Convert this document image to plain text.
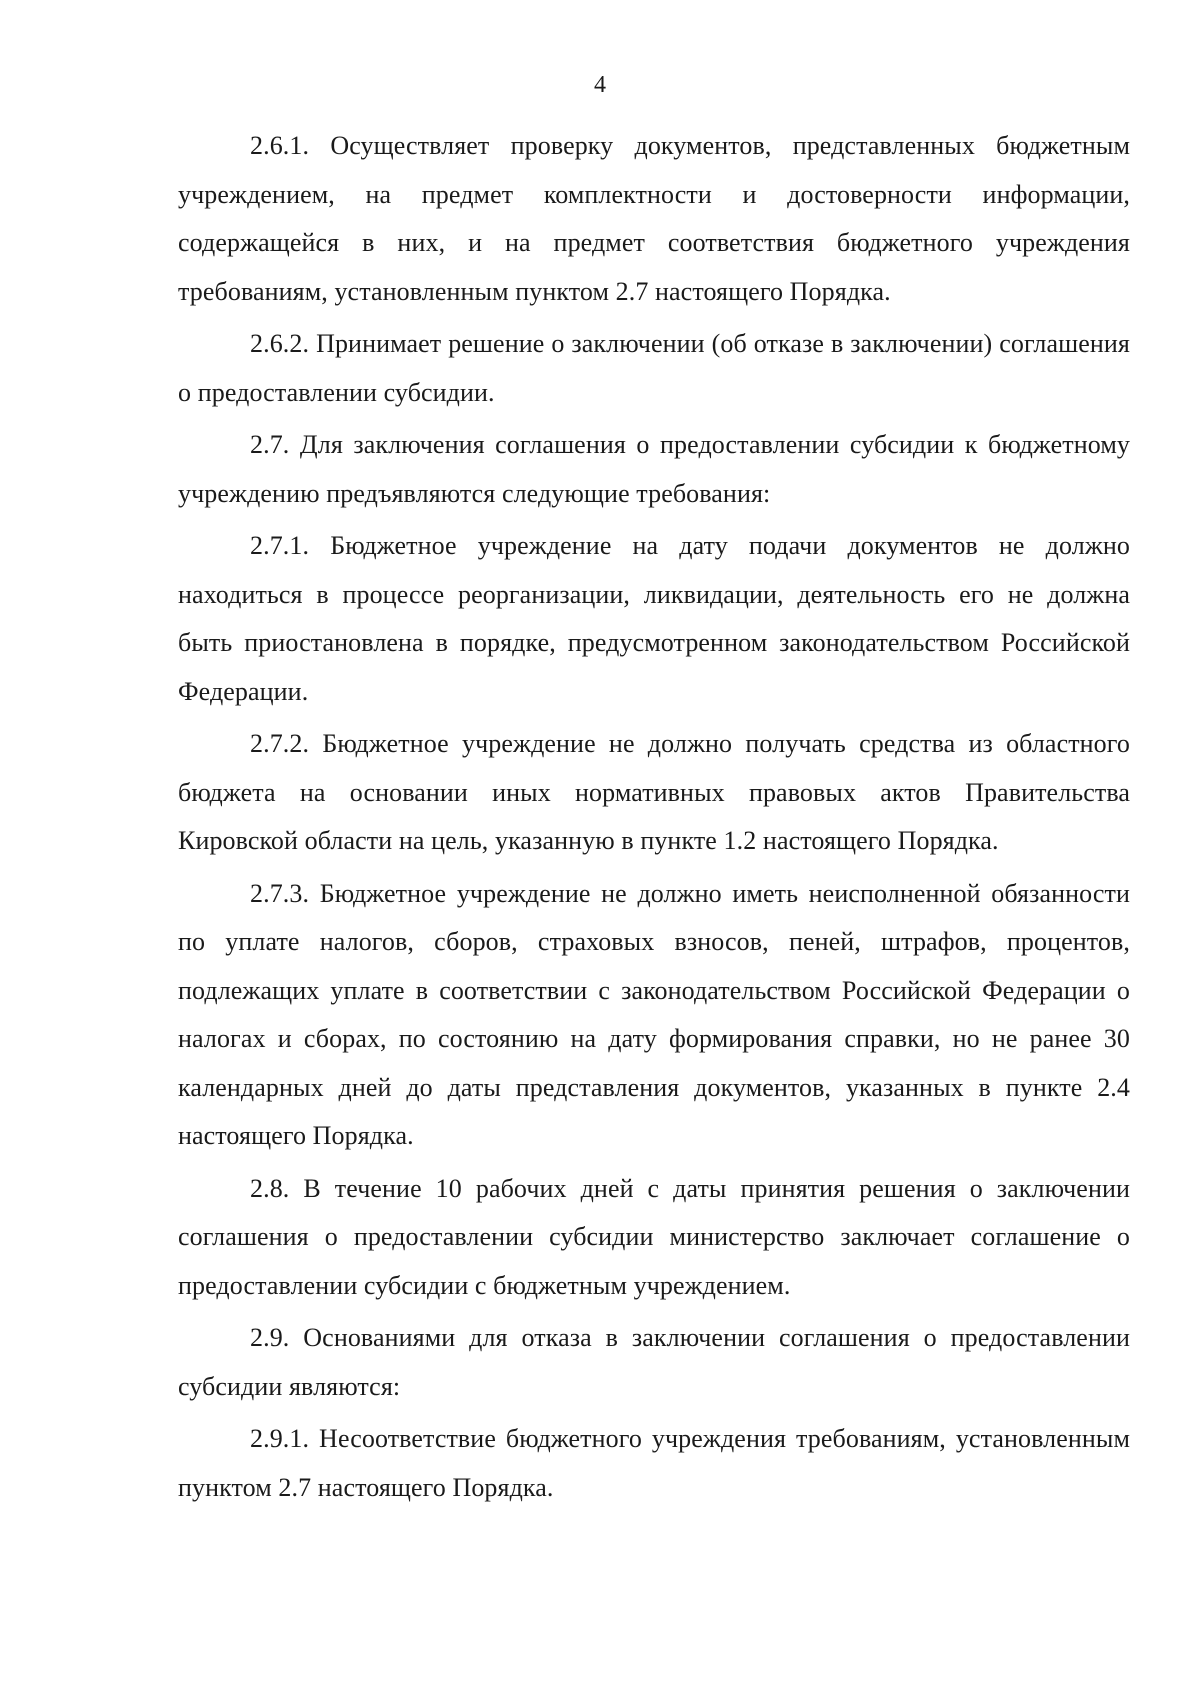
4

2.6.1. Осуществляет проверку документов, представленных бюджетным учреждением, на предмет комплектности и достоверности информации, содержащейся в них, и на предмет соответствия бюджетного учреждения требованиям, установленным пунктом 2.7 настоящего Порядка.

2.6.2. Принимает решение о заключении (об отказе в заключении) соглашения о предоставлении субсидии.

2.7. Для заключения соглашения о предоставлении субсидии к бюджетному учреждению предъявляются следующие требования:

2.7.1. Бюджетное учреждение на дату подачи документов не должно находиться в процессе реорганизации, ликвидации, деятельность его не должна быть приостановлена в порядке, предусмотренном законодательством Российской Федерации.

2.7.2. Бюджетное учреждение не должно получать средства из областного бюджета на основании иных нормативных правовых актов Правительства Кировской области на цель, указанную в пункте 1.2 настоящего Порядка.

2.7.3. Бюджетное учреждение не должно иметь неисполненной обязанности по уплате налогов, сборов, страховых взносов, пеней, штрафов, процентов, подлежащих уплате в соответствии с законодательством Российской Федерации о налогах и сборах, по состоянию на дату формирования справки, но не ранее 30 календарных дней до даты представления документов, указанных в пункте 2.4 настоящего Порядка.

2.8. В течение 10 рабочих дней с даты принятия решения о заключении соглашения о предоставлении субсидии министерство заключает соглашение о предоставлении субсидии с бюджетным учреждением.

2.9. Основаниями для отказа в заключении соглашения о предоставлении субсидии являются:

2.9.1. Несоответствие бюджетного учреждения требованиям, установленным пунктом 2.7 настоящего Порядка.
